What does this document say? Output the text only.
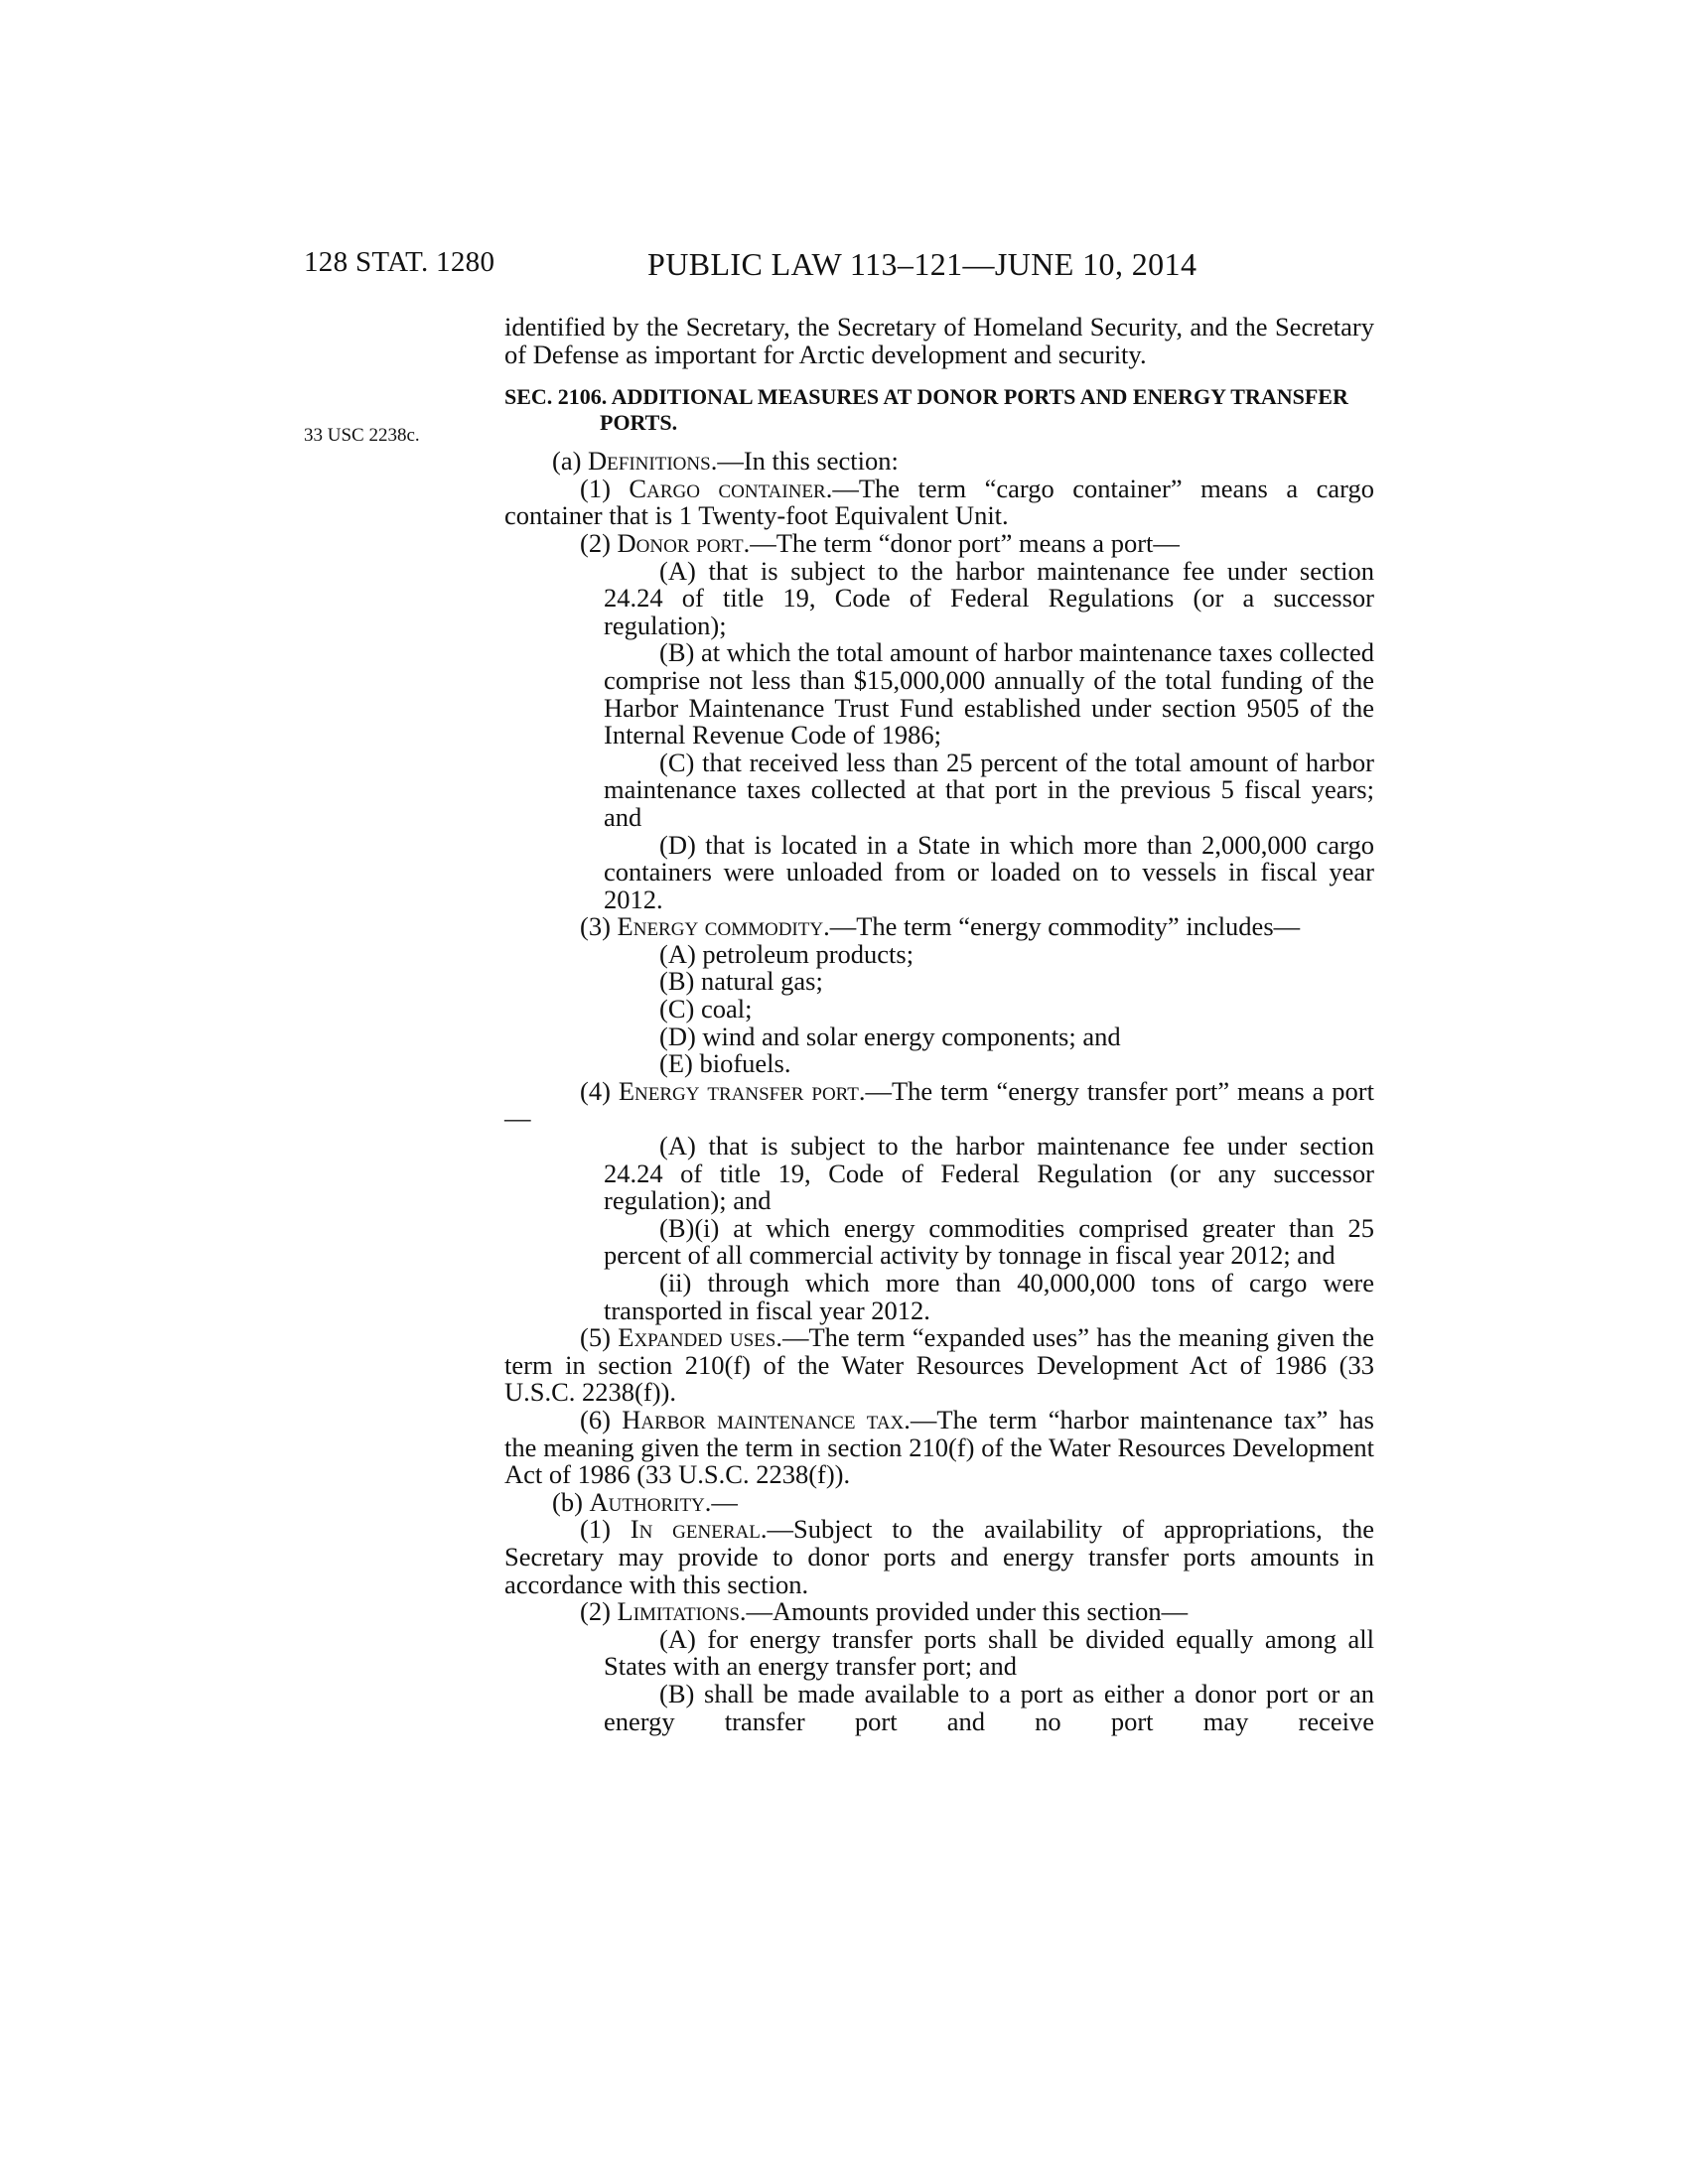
128 STAT. 1280	PUBLIC LAW 113–121—JUNE 10, 2014
33 USC 2238c.

identified by the Secretary, the Secretary of Homeland Security, and the Secretary of Defense as important for Arctic development and security.

SEC. 2106. ADDITIONAL MEASURES AT DONOR PORTS AND ENERGY TRANSFER PORTS.

(a) Definitions.—In this section:

(1) Cargo container.—The term “cargo container” means a cargo container that is 1 Twenty-foot Equivalent Unit.

(2) Donor port.—The term “donor port” means a port—

(A) that is subject to the harbor maintenance fee under section 24.24 of title 19, Code of Federal Regulations (or a successor regulation);

(B) at which the total amount of harbor maintenance taxes collected comprise not less than $15,000,000 annually of the total funding of the Harbor Maintenance Trust Fund established under section 9505 of the Internal Revenue Code of 1986;

(C) that received less than 25 percent of the total amount of harbor maintenance taxes collected at that port in the previous 5 fiscal years; and

(D) that is located in a State in which more than 2,000,000 cargo containers were unloaded from or loaded on to vessels in fiscal year 2012.

(3) Energy commodity.—The term “energy commodity” includes—

(A) petroleum products;

(B) natural gas;

(C) coal;

(D) wind and solar energy components; and

(E) biofuels.

(4) Energy transfer port.—The term “energy transfer port” means a port—

(A) that is subject to the harbor maintenance fee under section 24.24 of title 19, Code of Federal Regulation (or any successor regulation); and

(B)(i) at which energy commodities comprised greater than 25 percent of all commercial activity by tonnage in fiscal year 2012; and

(ii) through which more than 40,000,000 tons of cargo were transported in fiscal year 2012.

(5) Expanded uses.—The term “expanded uses” has the meaning given the term in section 210(f) of the Water Resources Development Act of 1986 (33 U.S.C. 2238(f)).

(6) Harbor maintenance tax.—The term “harbor maintenance tax” has the meaning given the term in section 210(f) of the Water Resources Development Act of 1986 (33 U.S.C. 2238(f)).

(b) Authority.—

(1) In general.—Subject to the availability of appropriations, the Secretary may provide to donor ports and energy transfer ports amounts in accordance with this section.

(2) Limitations.—Amounts provided under this section—

(A) for energy transfer ports shall be divided equally among all States with an energy transfer port; and

(B) shall be made available to a port as either a donor port or an energy transfer port and no port may receive
